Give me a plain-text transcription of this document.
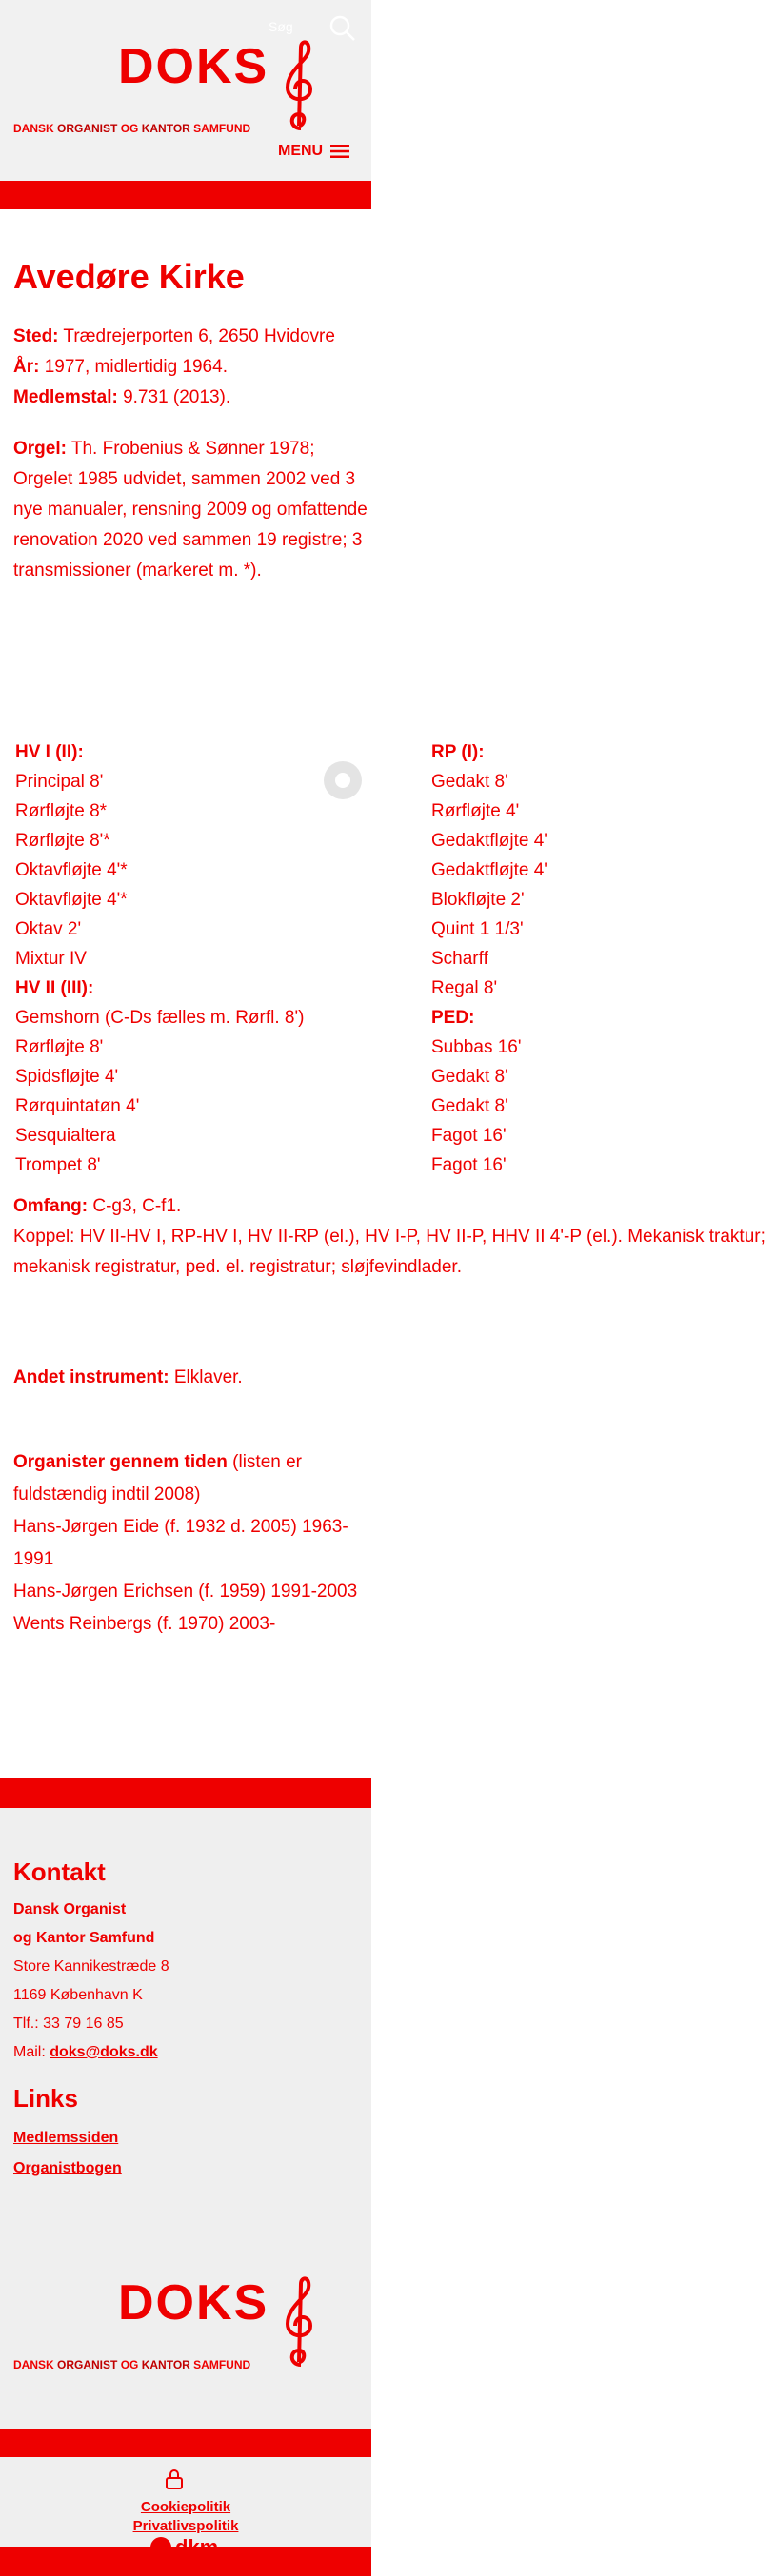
Søg
DOKS
DANSK ORGANIST OG KANTOR SAMFUND
MENU
Avedøre Kirke

Sted: Trædrejerporten 6, 2650 Hvidovre

År: 1977, midlertidig 1964.

Medlemstal: 9.731 (2013).

Orgel: Th. Frobenius & Sønner 1978; Orgelet 1985 udvidet, sammen 2002 ved 3 nye manualer, rensning 2009 og omfattende renovation 2020 ved sammen 19 registre; 3 transmissioner (markeret m. *).

HV I (II):
Principal 8'
Rørfløjte 8*
Rørfløjte 8'*
Oktavfløjte 4'*
Oktavfløjte 4'*
Oktav 2'
Mixtur IV
HV II (III):
Gemshorn (C-Ds fælles m. Rørfl. 8')
Rørfløjte 8'
Spidsfløjte 4'
Rørquintatøn 4'
Sesquialtera
Trompet 8'
RP (I):
Gedakt 8'
Rørfløjte 4'
Gedaktfløjte 4'
Gedaktfløjte 4'
Blokfløjte 2'
Quint 1 1/3'
Scharff
Regal 8'
PED:
Subbas 16'
Gedakt 8'
Gedakt 8'
Fagot 16'
Fagot 16'

Omfang: C-g3, C-f1.

Koppel: HV II-HV I, RP-HV I, HV II-RP (el.), HV I-P, HV II-P, HHV II 4'-P (el.). Mekanisk traktur; mekanisk registratur, ped. el. registratur; sløjfevindlader.

Andet instrument: Elklaver.

Organister gennem tiden (listen er fuldstændig indtil 2008)

Hans-Jørgen Eide (f. 1932 d. 2005) 1963-1991
Hans-Jørgen Erichsen (f. 1959) 1991-2003
Wents Reinbergs (f. 1970) 2003-
Kontakt
Dansk Organist
og Kantor Samfund
Store Kannikestræde 8
1169 København K
Tlf.: 33 79 16 85
Mail: doks@doks.dk
Links
Medlemssiden
Organistbogen
DOKS
DANSK ORGANIST OG KANTOR SAMFUND
Cookiepolitik
Privatlivspolitik
